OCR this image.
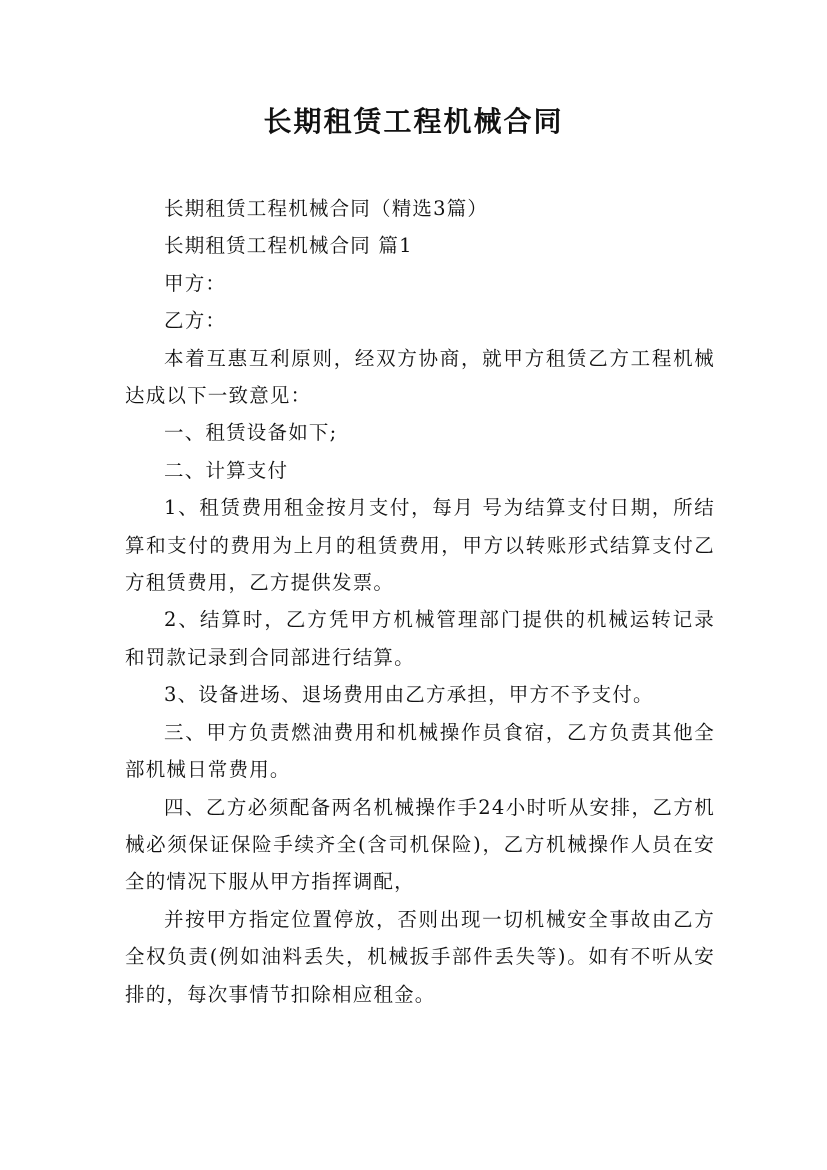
长期租赁工程机械合同

长期租赁工程机械合同（精选3篇）

长期租赁工程机械合同 篇1

甲方：

乙方：

本着互惠互利原则，经双方协商，就甲方租赁乙方工程机械达成以下一致意见：

一、租赁设备如下;

二、计算支付

1、租赁费用租金按月支付，每月 号为结算支付日期，所结算和支付的费用为上月的租赁费用，甲方以转账形式结算支付乙方租赁费用，乙方提供发票。

2、结算时，乙方凭甲方机械管理部门提供的机械运转记录和罚款记录到合同部进行结算。

3、设备进场、退场费用由乙方承担，甲方不予支付。

三、甲方负责燃油费用和机械操作员食宿，乙方负责其他全部机械日常费用。

四、乙方必须配备两名机械操作手24小时听从安排，乙方机械必须保证保险手续齐全(含司机保险)，乙方机械操作人员在安全的情况下服从甲方指挥调配，

并按甲方指定位置停放，否则出现一切机械安全事故由乙方全权负责(例如油料丢失，机械扳手部件丢失等)。如有不听从安排的，每次事情节扣除相应租金。
